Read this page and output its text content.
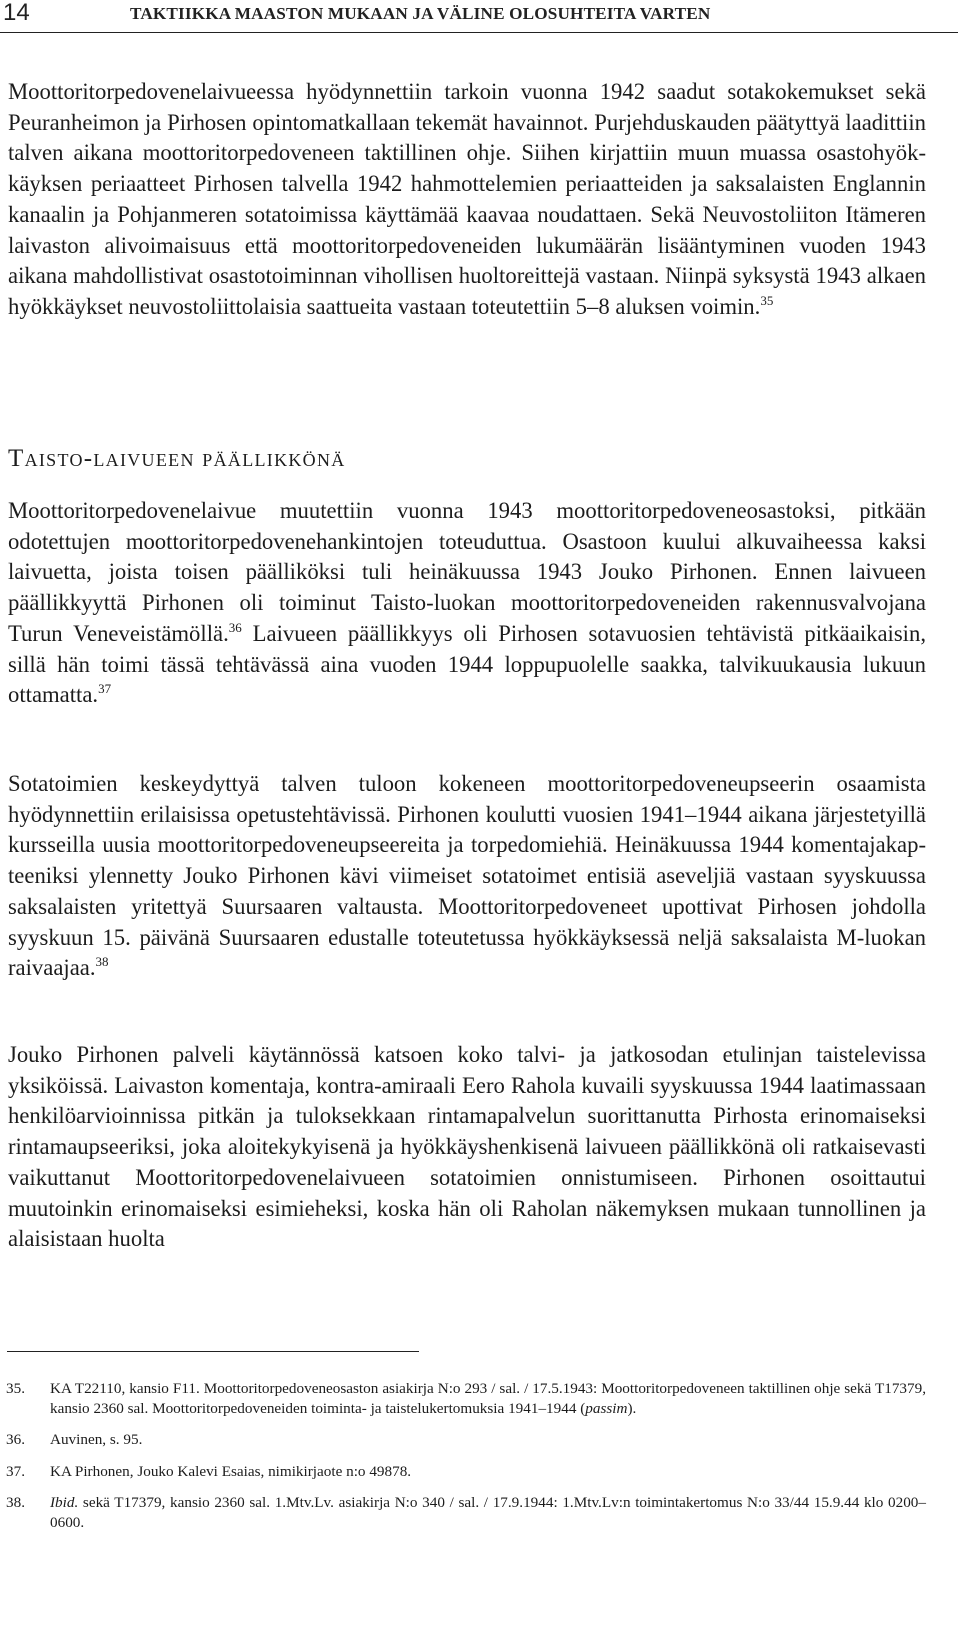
14	TAKTIIKKA MAASTON MUKAAN JA VÄLINE OLOSUHTEITA VARTEN

Moottoritorpedovenelaivueessa hyödynnettiin tarkoin vuonna 1942 saadut sotakokemukset sekä Peuranheimon ja Pirhosen opintomatkallaan tekemät havainnot. Purjehduskauden päätyttyä laadittiin talven aikana moottoritorpedoveneen taktillinen ohje. Siihen kirjattiin muun muassa osastohyökkäyksen periaatteet Pirhosen talvella 1942 hahmottelemien periaatteiden ja saksalaisten Englannin kanaalin ja Pohjanmeren sotatoimissa käyttämää kaavaa noudattaen. Sekä Neuvostoliiton Itämeren laivaston alivoimaisuus että moottoritorpedoveneiden lukumäärän lisääntyminen vuoden 1943 aikana mahdollistivat osastotoiminnan vihollisen huoltoreittejä vastaan. Niinpä syksystä 1943 alkaen hyökkäykset neuvostoliittolaisia saattueita vastaan toteutettiin 5–8 aluksen voimin.$^{35}$

Taisto-laivueen päällikkönä

Moottoritorpedovenelaivue muutettiin vuonna 1943 moottoritorpedoveneosastoksi, pitkään odotettujen moottoritorpedovenehankintojen toteuduttua. Osastoon kuului alkuvaiheessa kaksi laivuetta, joista toisen päälliköksi tuli heinäkuussa 1943 Jouko Pirhonen. Ennen laivueen päällikkyyttä Pirhonen oli toiminut Taisto-luokan moottoritorpedoveneiden rakennusvalvojana Turun Veneveistämöllä.$^{36}$ Laivueen päällikkyys oli Pirhosen sotavuosien tehtävistä pitkäaikaisin, sillä hän toimi tässä tehtävässä aina vuoden 1944 loppupuolelle saakka, talvikuukausia lukuun ottamatta.$^{37}$

Sotatoimien keskeydyttyä talven tuloon kokeneen moottoritorpedoveneupseerin osaamista hyödynnettiin erilaisissa opetustehtävissä. Pirhonen koulutti vuosien 1941–1944 aikana järjestetyillä kursseilla uusia moottoritorpedoveneupseereita ja torpedomiehiä. Heinäkuussa 1944 komentajakapteeniksi ylennetty Jouko Pirhonen kävi viimeiset sotatoimet entisiä aseveljiä vastaan syyskuussa saksalaisten yritettyä Suursaaren valtausta. Moottoritorpedoveneet upottivat Pirhosen johdolla syyskuun 15. päivänä Suursaaren edustalle toteutetussa hyökkäyksessä neljä saksalaista M-luokan raivaajaa.$^{38}$

Jouko Pirhonen palveli käytännössä katsoen koko talvi- ja jatkosodan etulinjan taistelevissa yksiköissä. Laivaston komentaja, kontra-amiraali Eero Rahola kuvaili syyskuussa 1944 laatimassaan henkilöarvioinnissa pitkän ja tuloksekkaan rintamapalvelun suorittanutta Pirhosta erinomaiseksi rintamaupseeriksi, joka aloitekykyisenä ja hyökkäyshenkisenä laivueen päällikkönä oli ratkaisevasti vaikuttanut Moottoritorpedovenelaivueen sotatoimien onnistumiseen. Pirhonen osoittautui muutoinkin erinomaiseksi esimieheksi, koska hän oli Raholan näkemyksen mukaan tunnollinen ja alaisistaan huolta

35. KA T22110, kansio F11. Moottoritorpedoveneosaston asiakirja N:o 293 / sal. / 17.5.1943: Moottoritorpedoveneen taktillinen ohje sekä T17379, kansio 2360 sal. Moottoritorpedoveneiden toiminta- ja taistelukertomuksia 1941–1944 (passim).
36. Auvinen, s. 95.
37. KA Pirhonen, Jouko Kalevi Esaias, nimikirjaote n:o 49878.
38. Ibid. sekä T17379, kansio 2360 sal. 1.Mtv.Lv. asiakirja N:o 340 / sal. / 17.9.1944: 1.Mtv.Lv:n toimintakertomus N:o 33/44 15.9.44 klo 0200–0600.
